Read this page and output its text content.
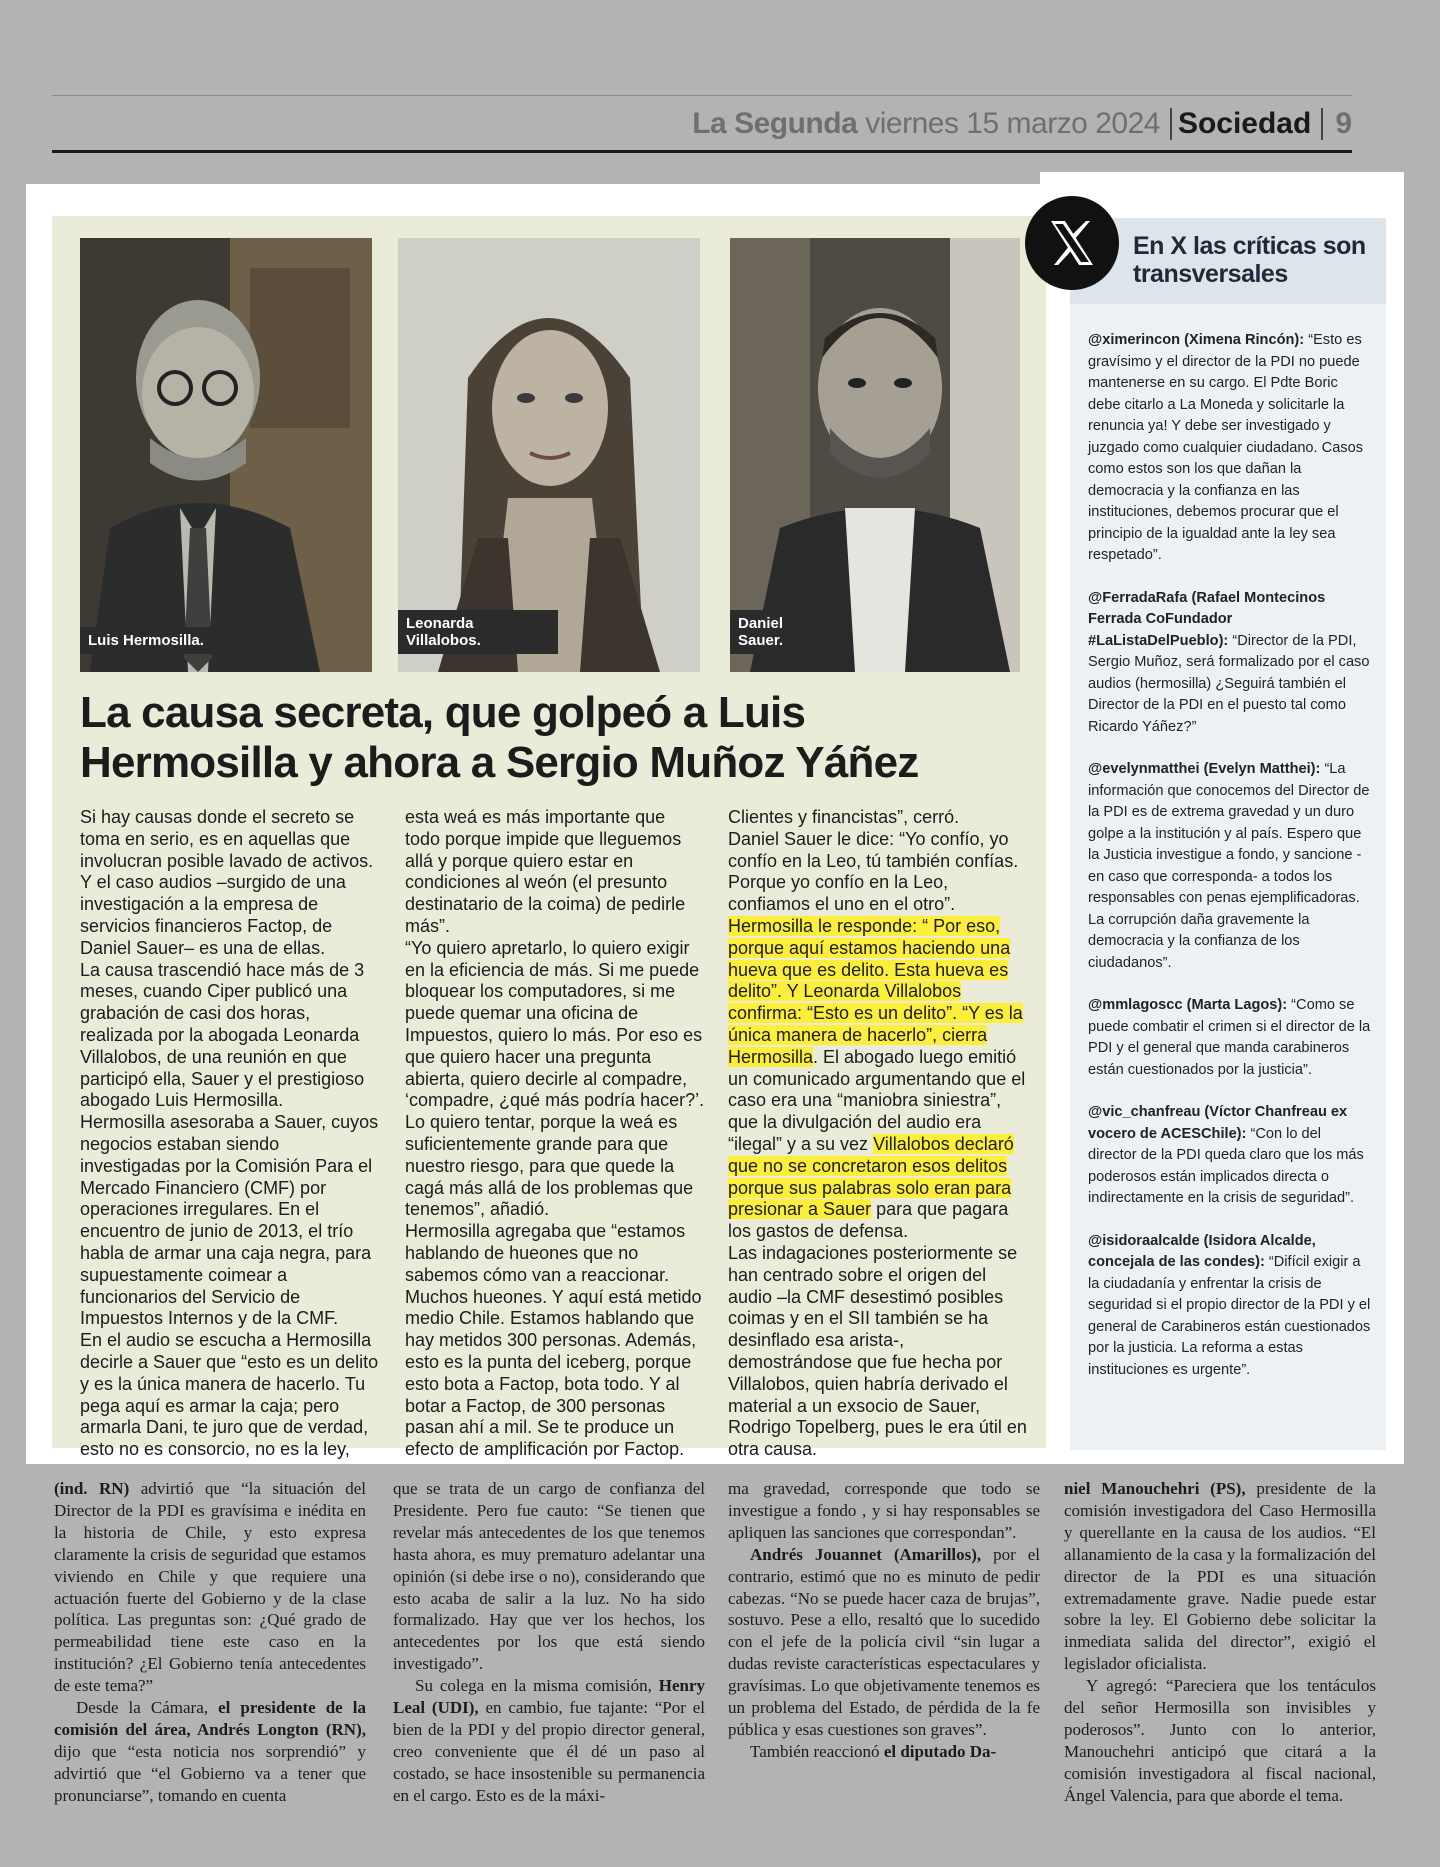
La Segunda viernes 15 marzo 2024 Sociedad 9
Luis Hermosilla.
Leonarda Villalobos.
Daniel Sauer.
La causa secreta, que golpeó a Luis Hermosilla y ahora a Sergio Muñoz Yáñez

Si hay causas donde el secreto se toma en serio, es en aquellas que involucran posible lavado de activos. Y el caso audios –surgido de una investigación a la empresa de servicios financieros Factop, de Daniel Sauer– es una de ellas.

La causa trascendió hace más de 3 meses, cuando Ciper publicó una grabación de casi dos horas, realizada por la abogada Leonarda Villalobos, de una reunión en que participó ella, Sauer y el prestigioso abogado Luis Hermosilla.

Hermosilla asesoraba a Sauer, cuyos negocios estaban siendo investigadas por la Comisión Para el Mercado Financiero (CMF) por operaciones irregulares. En el encuentro de junio de 2013, el trío habla de armar una caja negra, para supuestamente coimear a funcionarios del Servicio de Impuestos Internos y de la CMF.

En el audio se escucha a Hermosilla decirle a Sauer que “esto es un delito y es la única manera de hacerlo. Tu pega aquí es armar la caja; pero armarla Dani, te juro que de verdad, esto no es consorcio, no es la ley,

esta weá es más importante que todo porque impide que lleguemos allá y porque quiero estar en condiciones al weón (el presunto destinatario de la coima) de pedirle más”.

“Yo quiero apretarlo, lo quiero exigir en la eficiencia de más. Si me puede bloquear los computadores, si me puede quemar una oficina de Impuestos, quiero lo más. Por eso es que quiero hacer una pregunta abierta, quiero decirle al compadre, ‘compadre, ¿qué más podría hacer?’. Lo quiero tentar, porque la weá es suficientemente grande para que nuestro riesgo, para que quede la cagá más allá de los problemas que tenemos”, añadió.

Hermosilla agregaba que “estamos hablando de hueones que no sabemos cómo van a reaccionar. Muchos hueones. Y aquí está metido medio Chile. Estamos hablando que hay metidos 300 personas. Además, esto es la punta del iceberg, porque esto bota a Factop, bota todo. Y al botar a Factop, de 300 personas pasan ahí a mil. Se te produce un efecto de amplificación por Factop.

Clientes y financistas”, cerró.

Daniel Sauer le dice: “Yo confío, yo confío en la Leo, tú también confías. Porque yo confío en la Leo, confiamos el uno en el otro”.

Hermosilla le responde: “ Por eso, porque aquí estamos haciendo una hueva que es delito. Esta hueva es delito”. Y Leonarda Villalobos confirma: “Esto es un delito”. “Y es la única manera de hacerlo”, cierra Hermosilla. El abogado luego emitió un comunicado argumentando que el caso era una “maniobra siniestra”, que la divulgación del audio era “ilegal” y a su vez Villalobos declaró que no se concretaron esos delitos porque sus palabras solo eran para presionar a Sauer para que pagara los gastos de defensa.

Las indagaciones posteriormente se han centrado sobre el origen del audio –la CMF desestimó posibles coimas y en el SII también se ha desinflado esa arista-, demostrándose que fue hecha por Villalobos, quien habría derivado el material a un exsocio de Sauer, Rodrigo Topelberg, pues le era útil en otra causa.

En X las críticas son transversales

@ximerincon (Ximena Rincón): “Esto es gravísimo y el director de la PDI no puede mantenerse en su cargo. El Pdte Boric debe citarlo a La Moneda y solicitarle la renuncia ya! Y debe ser investigado y juzgado como cualquier ciudadano. Casos como estos son los que dañan la democracia y la confianza en las instituciones, debemos procurar que el principio de la igualdad ante la ley sea respetado”.

@FerradaRafa (Rafael Montecinos Ferrada CoFundador #LaListaDelPueblo): “Director de la PDI, Sergio Muñoz, será formalizado por el caso audios (hermosilla) ¿Seguirá también el Director de la PDI en el puesto tal como Ricardo Yáñez?”

@evelynmatthei (Evelyn Matthei): “La información que conocemos del Director de la PDI es de extrema gravedad y un duro golpe a la institución y al país. Espero que la Justicia investigue a fondo, y sancione -en caso que corresponda- a todos los responsables con penas ejemplificadoras. La corrupción daña gravemente la democracia y la confianza de los ciudadanos”.

@mmlagoscc (Marta Lagos): “Como se puede combatir el crimen si el director de la PDI y el general que manda carabineros están cuestionados por la justicia”.

@vic_chanfreau (Víctor Chanfreau ex vocero de ACESChile): “Con lo del director de la PDI queda claro que los más poderosos están implicados directa o indirectamente en la crisis de seguridad”.

@isidoraalcalde (Isidora Alcalde, concejala de las condes): “Difícil exigir a la ciudadanía y enfrentar la crisis de seguridad si el propio director de la PDI y el general de Carabineros están cuestionados por la justicia. La reforma a estas instituciones es urgente”.

(ind. RN) advirtió que “la situación del Director de la PDI es gravísima e inédita en la historia de Chile, y esto expresa claramente la crisis de seguridad que estamos viviendo en Chile y que requiere una actuación fuerte del Gobierno y de la clase política. Las preguntas son: ¿Qué grado de permeabilidad tiene este caso en la institución? ¿El Gobierno tenía antecedentes de este tema?”

Desde la Cámara, el presidente de la comisión del área, Andrés Longton (RN), dijo que “esta noticia nos sorprendió” y advirtió que “el Gobierno va a tener que pronunciarse”, tomando en cuenta

que se trata de un cargo de confianza del Presidente. Pero fue cauto: “Se tienen que revelar más antecedentes de los que tenemos hasta ahora, es muy prematuro adelantar una opinión (si debe irse o no), considerando que esto acaba de salir a la luz. No ha sido formalizado. Hay que ver los hechos, los antecedentes por los que está siendo investigado”.

Su colega en la misma comisión, Henry Leal (UDI), en cambio, fue tajante: “Por el bien de la PDI y del propio director general, creo conveniente que él dé un paso al costado, se hace insostenible su permanencia en el cargo. Esto es de la máxi-

ma gravedad, corresponde que todo se investigue a fondo , y si hay responsables se apliquen las sanciones que correspondan”.

Andrés Jouannet (Amarillos), por el contrario, estimó que no es minuto de pedir cabezas. “No se puede hacer caza de brujas”, sostuvo. Pese a ello, resaltó que lo sucedido con el jefe de la policía civil “sin lugar a dudas reviste características espectaculares y gravísimas. Lo que objetivamente tenemos es un problema del Estado, de pérdida de la fe pública y esas cuestiones son graves”.

También reaccionó el diputado Da-

niel Manouchehri (PS), presidente de la comisión investigadora del Caso Hermosilla y querellante en la causa de los audios. “El allanamiento de la casa y la formalización del director de la PDI es una situación extremadamente grave. Nadie puede estar sobre la ley. El Gobierno debe solicitar la inmediata salida del director”, exigió el legislador oficialista.

Y agregó: “Pareciera que los tentáculos del señor Hermosilla son invisibles y poderosos”. Junto con lo anterior, Manouchehri anticipó que citará a la comisión investigadora al fiscal nacional, Ángel Valencia, para que aborde el tema.
